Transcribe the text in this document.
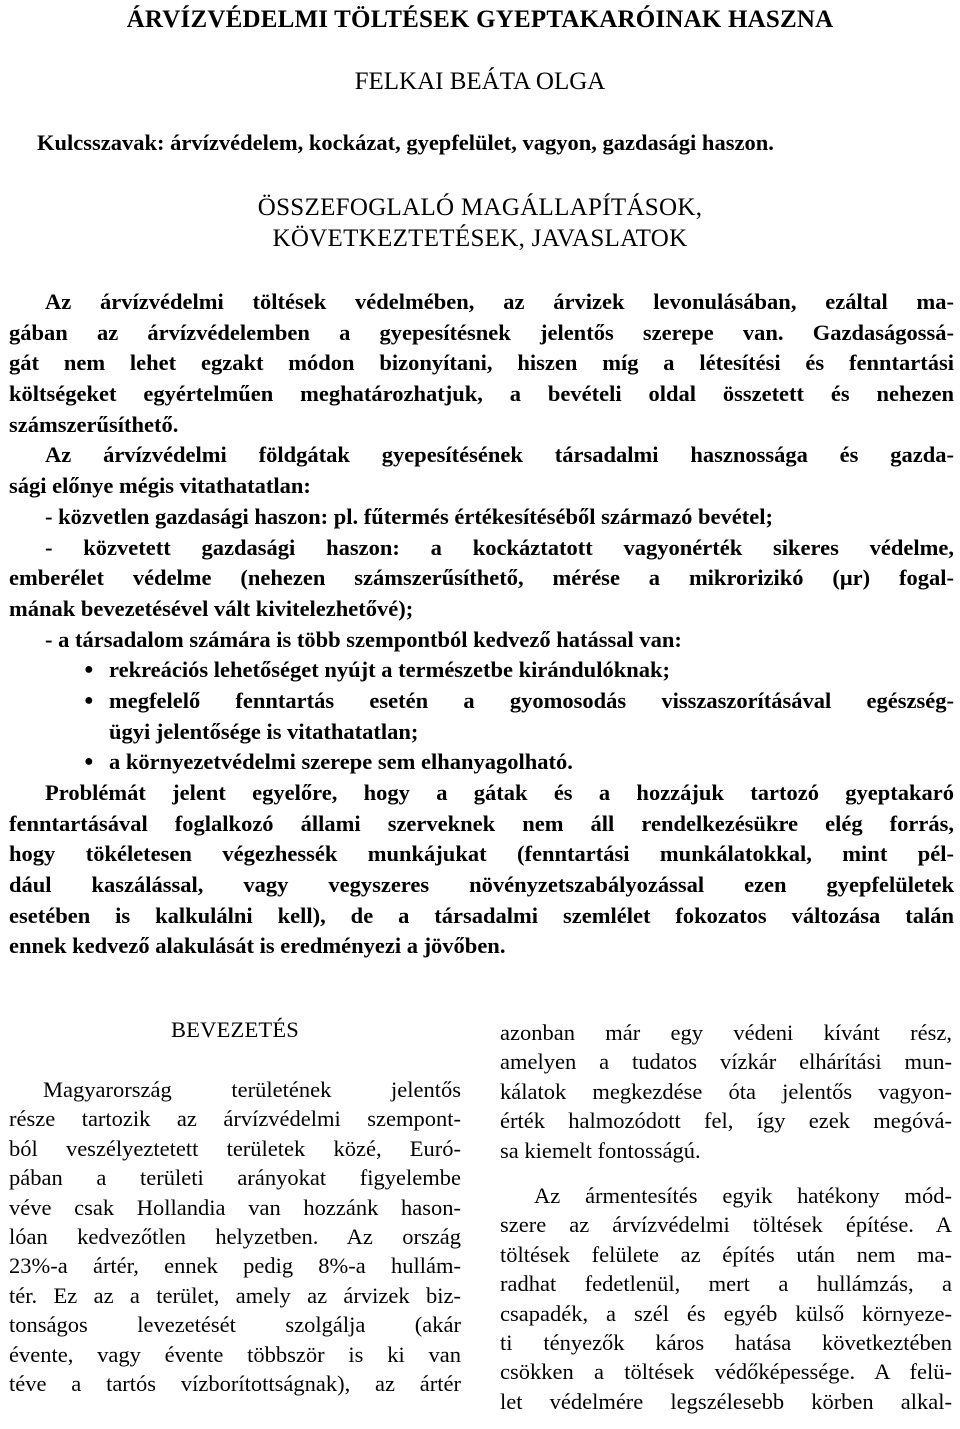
ÁRVÍZVÉDELMI TÖLTÉSEK GYEPTAKARÓINAK HASZNA
FELKAI BEÁTA OLGA
Kulcsszavak: árvízvédelem, kockázat, gyepfelület, vagyon, gazdasági haszon.
ÖSSZEFOGLALÓ MAGÁLLAPÍTÁSOK,
KÖVETKEZTETÉSEK, JAVASLATOK
Az árvízvédelmi töltések védelmében, az árvizek levonulásában, ezáltal ma-
gában az árvízvédelemben a gyepesítésnek jelentős szerepe van. Gazdaságossá-
gát nem lehet egzakt módon bizonyítani, hiszen míg a létesítési és fenntartási
költségeket egyértelműen meghatározhatjuk, a bevételi oldal összetett és nehezen
számszerűsíthető.
Az árvízvédelmi földgátak gyepesítésének társadalmi hasznossága és gazda-
sági előnye mégis vitathatatlan:
- közvetlen gazdasági haszon: pl. fűtermés értékesítéséből származó bevétel;
- közvetett gazdasági haszon: a kockáztatott vagyonérték sikeres védelme,
emberélet védelme (nehezen számszerűsíthető, mérése a mikrorizikó (μr) fogal-
mának bevezetésével vált kivitelezhetővé);
- a társadalom számára is több szempontból kedvező hatással van:
● rekreációs lehetőséget nyújt a természetbe kirándulóknak;
● megfelelő fenntartás esetén a gyomosodás visszaszorításával egészség-
ügyi jelentősége is vitathatatlan;
● a környezetvédelmi szerepe sem elhanyagolható.
Problémát jelent egyelőre, hogy a gátak és a hozzájuk tartozó gyeptakaró
fenntartásával foglalkozó állami szerveknek nem áll rendelkezésükre elég forrás,
hogy tökéletesen végezhessék munkájukat (fenntartási munkálatokkal, mint pél-
dául kaszálással, vagy vegyszeres növényzetszabályozással ezen gyepfelületek
esetében is kalkulálni kell), de a társadalmi szemlélet fokozatos változása talán
ennek kedvező alakulását is eredményezi a jövőben.
BEVEZETÉS
Magyarország területének jelentős
része tartozik az árvízvédelmi szempont-
ból veszélyeztetett területek közé, Euró-
pában a területi arányokat figyelembe
véve csak Hollandia van hozzánk hason-
lóan kedvezőtlen helyzetben. Az ország
23%-a ártér, ennek pedig 8%-a hullám-
tér. Ez az a terület, amely az árvizek biz-
tonságos levezetését szolgálja (akár
évente, vagy évente többször is ki van
téve a tartós vízborítottságnak), az ártér
azonban már egy védeni kívánt rész,
amelyen a tudatos vízkár elhárítási mun-
kálatok megkezdése óta jelentős vagyon-
érték halmozódott fel, így ezek megóvá-
sa kiemelt fontosságú.
Az ármentesítés egyik hatékony mód-
szere az árvízvédelmi töltések építése. A
töltések felülete az építés után nem ma-
radhat fedetlenül, mert a hullámzás, a
csapadék, a szél és egyéb külső környeze-
ti tényezők káros hatása következtében
csökken a töltések védőképessége. A felü-
let védelmére legszélesebb körben alkal-
